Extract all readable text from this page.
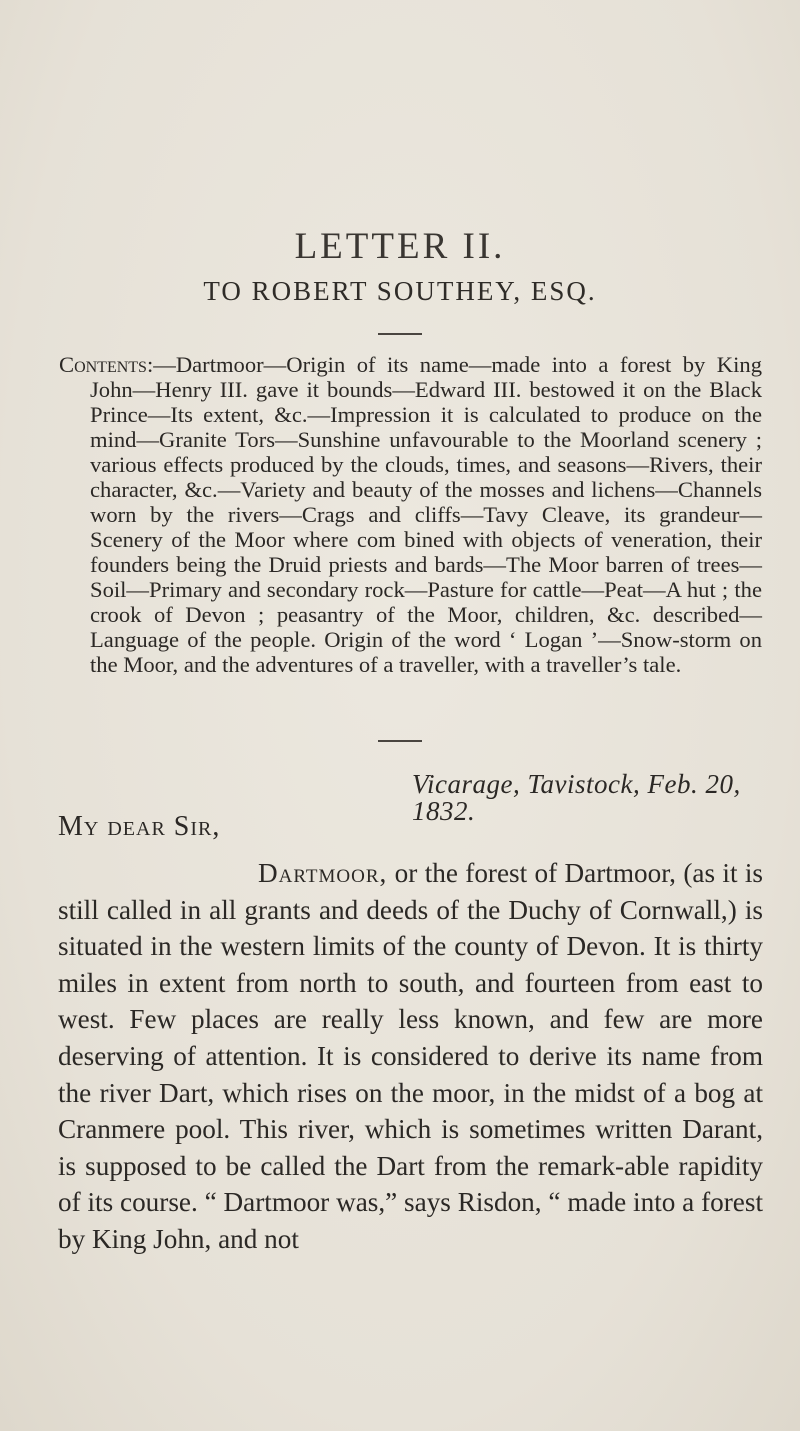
LETTER II.
TO ROBERT SOUTHEY, ESQ.
Contents:—Dartmoor—Origin of its name—made into a forest by King John—Henry III. gave it bounds—Edward III. bestowed it on the Black Prince—Its extent, &c.—Impression it is calculated to produce on the mind—Granite Tors—Sunshine unfavourable to the Moorland scenery ; various effects produced by the clouds, times, and seasons—Rivers, their character, &c.—Variety and beauty of the mosses and lichens—Channels worn by the rivers—Crags and cliffs—Tavy Cleave, its grandeur—Scenery of the Moor where com bined with objects of veneration, their founders being the Druid priests and bards—The Moor barren of trees—Soil—Primary and secondary rock—Pasture for cattle—Peat—A hut ; the crook of Devon ; peasantry of the Moor, children, &c. described—Language of the people. Origin of the word ‘ Logan ’—Snow-storm on the Moor, and the adventures of a traveller, with a traveller’s tale.
Vicarage, Tavistock, Feb. 20, 1832.
My dear Sir,
Dartmoor, or the forest of Dartmoor, (as it is still called in all grants and deeds of the Duchy of Cornwall,) is situated in the western limits of the county of Devon. It is thirty miles in extent from north to south, and fourteen from east to west. Few places are really less known, and few are more deserving of attention. It is considered to derive its name from the river Dart, which rises on the moor, in the midst of a bog at Cranmere pool. This river, which is sometimes written Darant, is supposed to be called the Dart from the remark-able rapidity of its course. “ Dartmoor was,” says Risdon, “ made into a forest by King John, and not
